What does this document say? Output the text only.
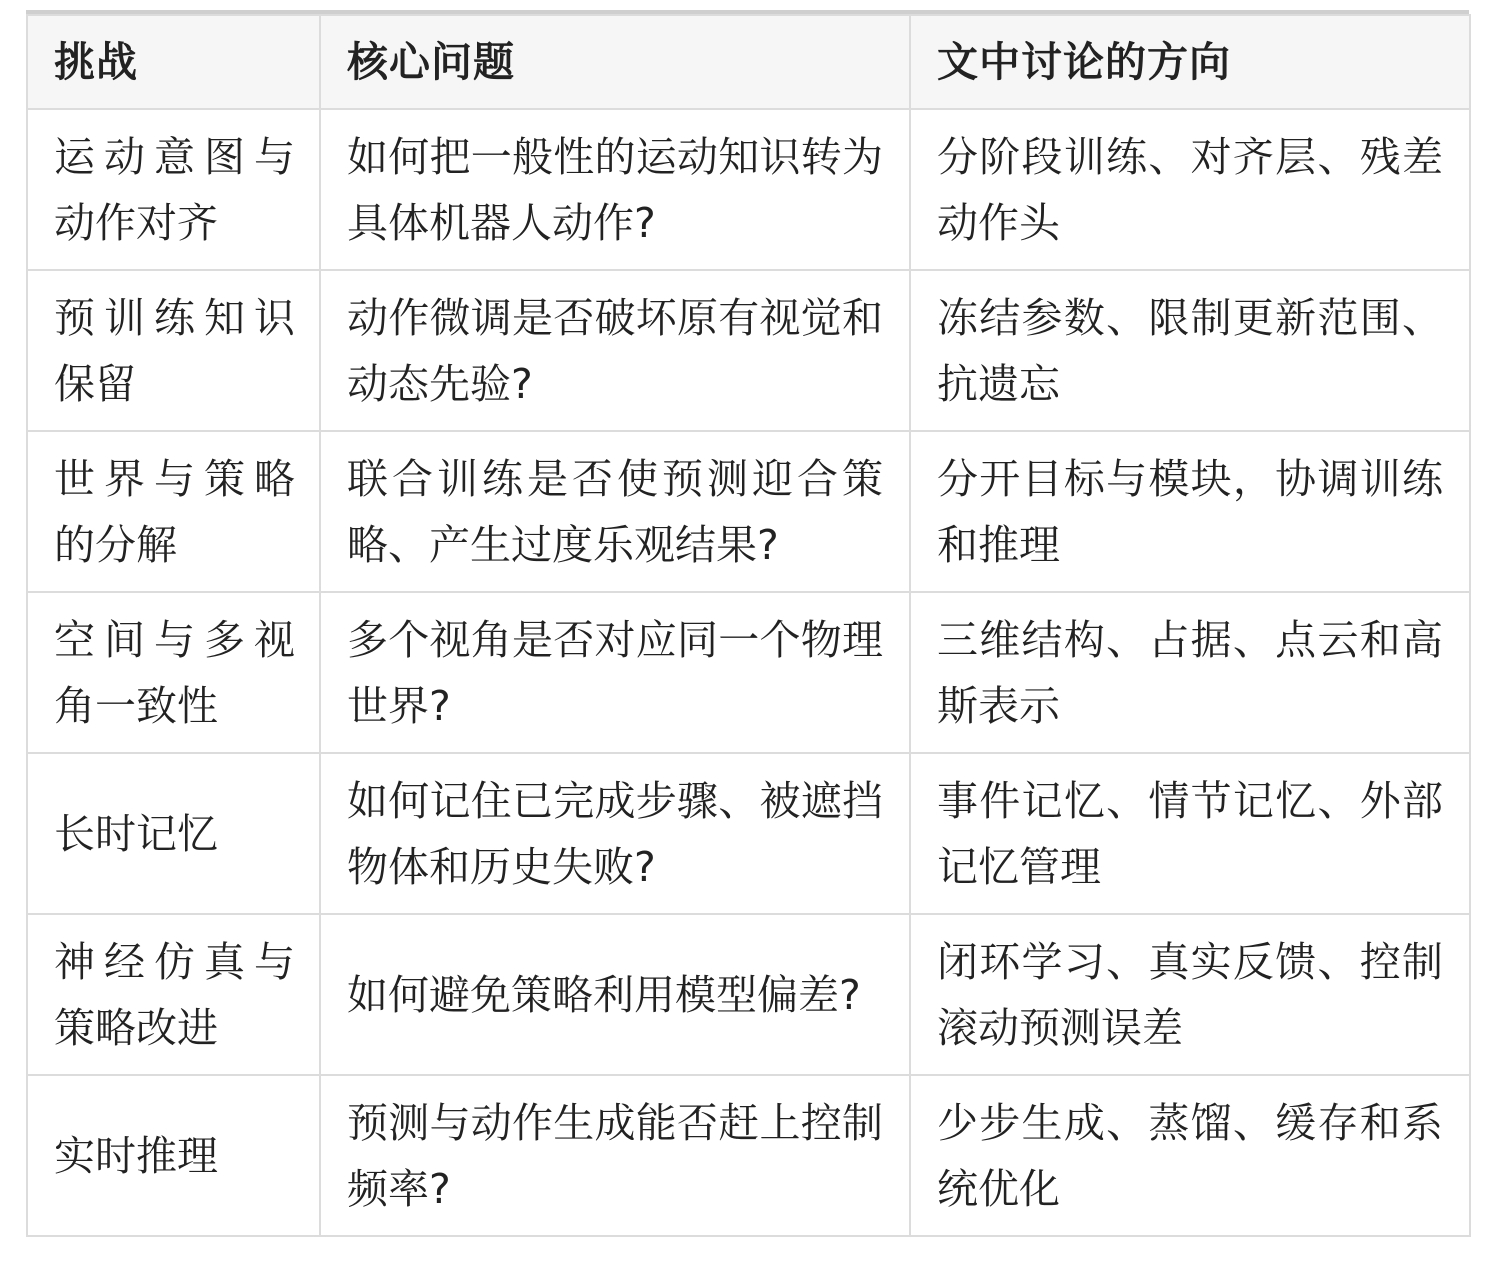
挑战	核心问题	文中讨论的方向
运动意图与动作对齐	如何把一般性的运动知识转为具体机器人动作?	分阶段训练、对齐层、残差动作头
预训练知识保留	动作微调是否破坏原有视觉和动态先验?	冻结参数、限制更新范围、抗遗忘
世界与策略的分解	联合训练是否使预测迎合策略、产生过度乐观结果?	分开目标与模块，协调训练和推理
空间与多视角一致性	多个视角是否对应同一个物理世界?	三维结构、占据、点云和高斯表示
长时记忆	如何记住已完成步骤、被遮挡物体和历史失败?	事件记忆、情节记忆、外部记忆管理
神经仿真与策略改进	如何避免策略利用模型偏差?	闭环学习、真实反馈、控制滚动预测误差
实时推理	预测与动作生成能否赶上控制频率?	少步生成、蒸馏、缓存和系统优化
